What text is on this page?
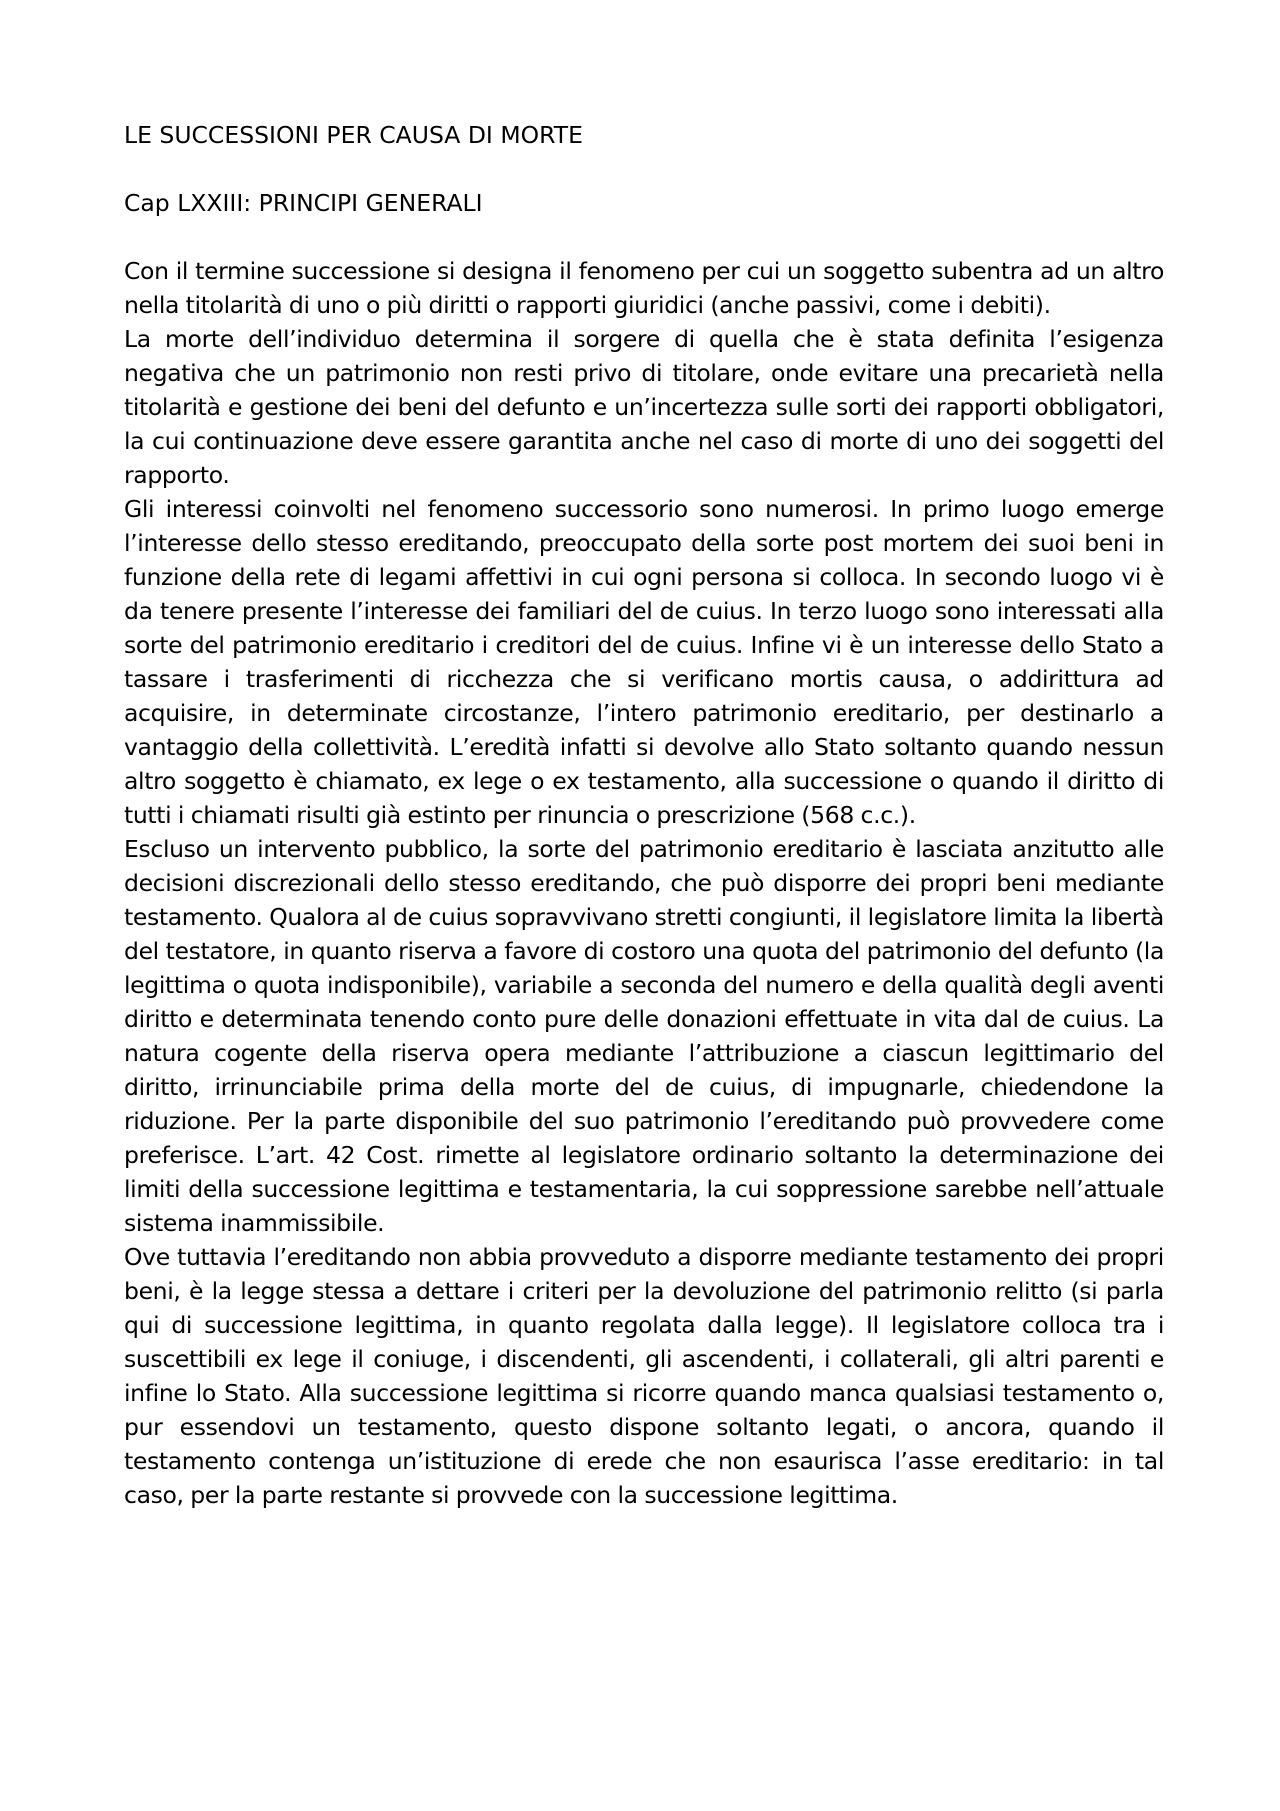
LE SUCCESSIONI PER CAUSA DI MORTE
Cap LXXIII: PRINCIPI GENERALI

Con il termine successione si designa il fenomeno per cui un soggetto subentra ad un altro nella titolarità di uno o più diritti o rapporti giuridici (anche passivi, come i debiti).

La morte dell’individuo determina il sorgere di quella che è stata definita l’esigenza negativa che un patrimonio non resti privo di titolare, onde evitare una precarietà nella titolarità e gestione dei beni del defunto e un’incertezza sulle sorti dei rapporti obbligatori, la cui continuazione deve essere garantita anche nel caso di morte di uno dei soggetti del rapporto.

Gli interessi coinvolti nel fenomeno successorio sono numerosi. In primo luogo emerge l’interesse dello stesso ereditando, preoccupato della sorte post mortem dei suoi beni in funzione della rete di legami affettivi in cui ogni persona si colloca. In secondo luogo vi è da tenere presente l’interesse dei familiari del de cuius. In terzo luogo sono interessati alla sorte del patrimonio ereditario i creditori del de cuius. Infine vi è un interesse dello Stato a tassare i trasferimenti di ricchezza che si verificano mortis causa, o addirittura ad acquisire, in determinate circostanze, l’intero patrimonio ereditario, per destinarlo a vantaggio della collettività. L’eredità infatti si devolve allo Stato soltanto quando nessun altro soggetto è chiamato, ex lege o ex testamento, alla successione o quando il diritto di tutti i chiamati risulti già estinto per rinuncia o prescrizione (568 c.c.).

Escluso un intervento pubblico, la sorte del patrimonio ereditario è lasciata anzitutto alle decisioni discrezionali dello stesso ereditando, che può disporre dei propri beni mediante testamento. Qualora al de cuius sopravvivano stretti congiunti, il legislatore limita la libertà del testatore, in quanto riserva a favore di costoro una quota del patrimonio del defunto (la legittima o quota indisponibile), variabile a seconda del numero e della qualità degli aventi diritto e determinata tenendo conto pure delle donazioni effettuate in vita dal de cuius. La natura cogente della riserva opera mediante l’attribuzione a ciascun legittimario del diritto, irrinunciabile prima della morte del de cuius, di impugnarle, chiedendone la riduzione. Per la parte disponibile del suo patrimonio l’ereditando può provvedere come preferisce. L’art. 42 Cost. rimette al legislatore ordinario soltanto la determinazione dei limiti della successione legittima e testamentaria, la cui soppressione sarebbe nell’attuale sistema inammissibile.

Ove tuttavia l’ereditando non abbia provveduto a disporre mediante testamento dei propri beni, è la legge stessa a dettare i criteri per la devoluzione del patrimonio relitto (si parla qui di successione legittima, in quanto regolata dalla legge). Il legislatore colloca tra i suscettibili ex lege il coniuge, i discendenti, gli ascendenti, i collaterali, gli altri parenti e infine lo Stato. Alla successione legittima si ricorre quando manca qualsiasi testamento o, pur essendovi un testamento, questo dispone soltanto legati, o ancora, quando il testamento contenga un’istituzione di erede che non esaurisca l’asse ereditario: in tal caso, per la parte restante si provvede con la successione legittima.
